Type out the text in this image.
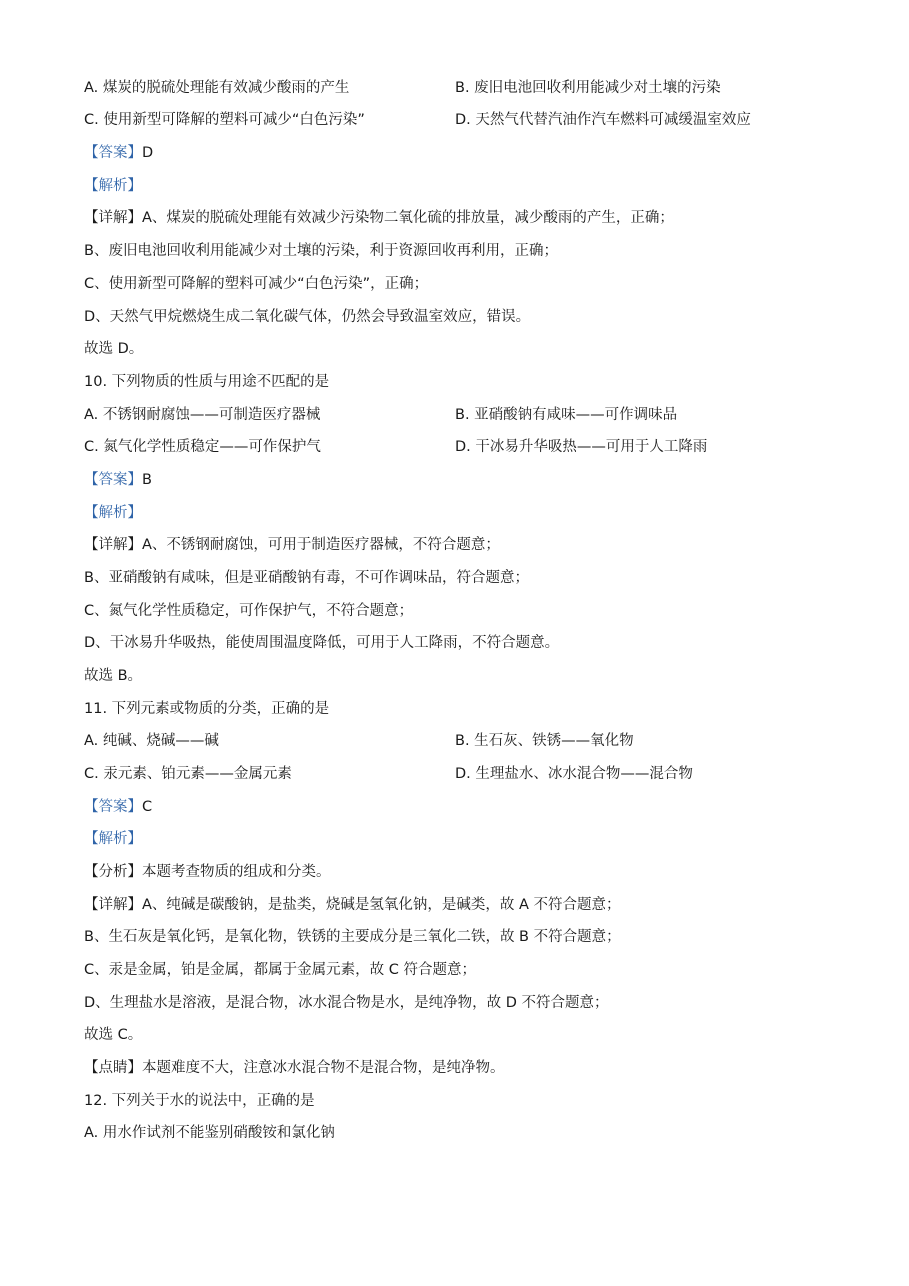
A. 煤炭的脱硫处理能有效减少酸雨的产生	B. 废旧电池回收利用能减少对土壤的污染
C. 使用新型可降解的塑料可减少“白色污染”	D. 天然气代替汽油作汽车燃料可减缓温室效应
【答案】D
【解析】
【详解】A、煤炭的脱硫处理能有效减少污染物二氧化硫的排放量，减少酸雨的产生，正确；
B、废旧电池回收利用能减少对土壤的污染，利于资源回收再利用，正确；
C、使用新型可降解的塑料可减少“白色污染”，正确；
D、天然气甲烷燃烧生成二氧化碳气体，仍然会导致温室效应，错误。
故选 D。
10. 下列物质的性质与用途不匹配的是
A. 不锈钢耐腐蚀——可制造医疗器械	B. 亚硝酸钠有咸味——可作调味品
C. 氮气化学性质稳定——可作保护气	D. 干冰易升华吸热——可用于人工降雨
【答案】B
【解析】
【详解】A、不锈钢耐腐蚀，可用于制造医疗器械，不符合题意；
B、亚硝酸钠有咸味，但是亚硝酸钠有毒，不可作调味品，符合题意；
C、氮气化学性质稳定，可作保护气，不符合题意；
D、干冰易升华吸热，能使周围温度降低，可用于人工降雨，不符合题意。
故选 B。
11. 下列元素或物质的分类，正确的是
A. 纯碱、烧碱——碱	B. 生石灰、铁锈——氧化物
C. 汞元素、铂元素——金属元素	D. 生理盐水、冰水混合物——混合物
【答案】C
【解析】
【分析】本题考查物质的组成和分类。
【详解】A、纯碱是碳酸钠，是盐类，烧碱是氢氧化钠，是碱类，故 A 不符合题意；
B、生石灰是氧化钙，是氧化物，铁锈的主要成分是三氧化二铁，故 B 不符合题意；
C、汞是金属，铂是金属，都属于金属元素，故 C 符合题意；
D、生理盐水是溶液，是混合物，冰水混合物是水，是纯净物，故 D 不符合题意；
故选 C。
【点睛】本题难度不大，注意冰水混合物不是混合物，是纯净物。
12. 下列关于水的说法中，正确的是
A. 用水作试剂不能鉴别硝酸铵和氯化钠
